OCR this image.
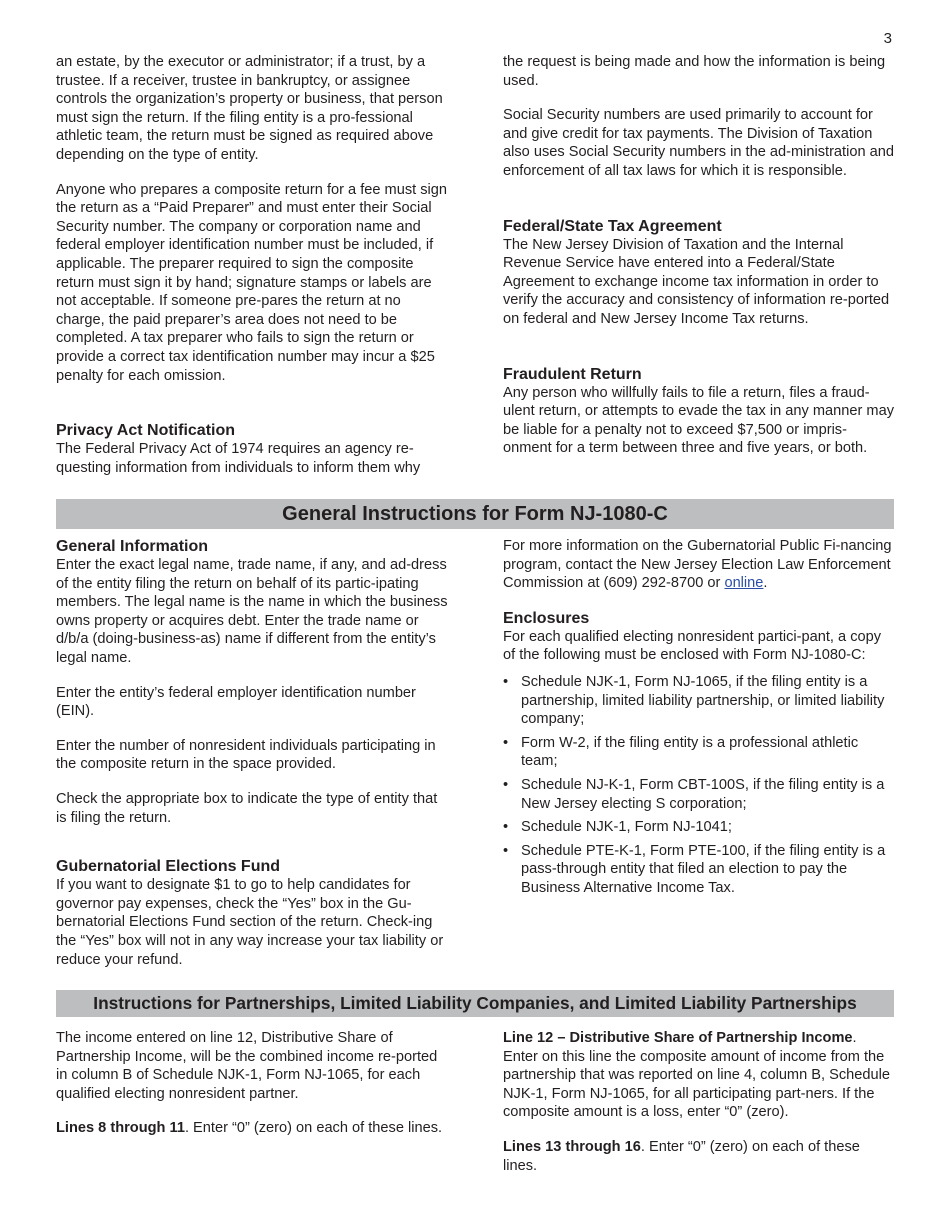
3

an estate, by the executor or administrator; if a trust, by a trustee. If a receiver, trustee in bankruptcy, or assignee controls the organization’s property or business, that person must sign the return. If the filing entity is a pro-fessional athletic team, the return must be signed as required above depending on the type of entity.

Anyone who prepares a composite return for a fee must sign the return as a “Paid Preparer” and must enter their Social Security number. The company or corporation name and federal employer identification number must be included, if applicable. The preparer required to sign the composite return must sign it by hand; signature stamps or labels are not acceptable. If someone pre-pares the return at no charge, the paid preparer’s area does not need to be completed. A tax preparer who fails to sign the return or provide a correct tax identification number may incur a $25 penalty for each omission.

Privacy Act Notification
The Federal Privacy Act of 1974 requires an agency re-questing information from individuals to inform them why

the request is being made and how the information is being used.

Social Security numbers are used primarily to account for and give credit for tax payments. The Division of Taxation also uses Social Security numbers in the ad-ministration and enforcement of all tax laws for which it is responsible.

Federal/State Tax Agreement

The New Jersey Division of Taxation and the Internal Revenue Service have entered into a Federal/State Agreement to exchange income tax information in order to verify the accuracy and consistency of information re-ported on federal and New Jersey Income Tax returns.

Fraudulent Return
Any person who willfully fails to file a return, files a fraud-ulent return, or attempts to evade the tax in any manner may be liable for a penalty not to exceed $7,500 or impris-onment for a term between three and five years, or both.
General Instructions for Form NJ-1080-C
General Information

Enter the exact legal name, trade name, if any, and ad-dress of the entity filing the return on behalf of its partic-ipating members. The legal name is the name in which the business owns property or acquires debt. Enter the trade name or d/b/a (doing-business-as) name if different from the entity’s legal name.

Enter the entity’s federal employer identification number (EIN).

Enter the number of nonresident individuals participating in the composite return in the space provided.

Check the appropriate box to indicate the type of entity that is filing the return.

Gubernatorial Elections Fund
If you want to designate $1 to go to help candidates for governor pay expenses, check the “Yes” box in the Gu-bernatorial Elections Fund section of the return. Check-ing the “Yes” box will not in any way increase your tax liability or reduce your refund.

For more information on the Gubernatorial Public Fi-nancing program, contact the New Jersey Election Law Enforcement Commission at (609) 292-8700 or online.

Enclosures

For each qualified electing nonresident partici-pant, a copy of the following must be enclosed with Form NJ-1080-C:

• Schedule NJK-1, Form NJ-1065, if the filing entity is a partnership, limited liability partnership, or limited liability company;
• Form W-2, if the filing entity is a professional athletic team;
• Schedule NJ-K-1, Form CBT-100S, if the filing entity is a New Jersey electing S corporation;
• Schedule NJK-1, Form NJ-1041;
• Schedule PTE-K-1, Form PTE-100, if the filing entity is a pass-through entity that filed an election to pay the Business Alternative Income Tax.
Instructions for Partnerships, Limited Liability Companies, and Limited Liability Partnerships

The income entered on line 12, Distributive Share of Partnership Income, will be the combined income re-ported in column B of Schedule NJK-1, Form NJ-1065, for each qualified electing nonresident partner.

Lines 8 through 11. Enter “0” (zero) on each of these lines.

Line 12 – Distributive Share of Partnership Income. Enter on this line the composite amount of income from the partnership that was reported on line 4, column B, Schedule NJK-1, Form NJ-1065, for all participating part-ners. If the composite amount is a loss, enter “0” (zero).

Lines 13 through 16. Enter “0” (zero) on each of these lines.
